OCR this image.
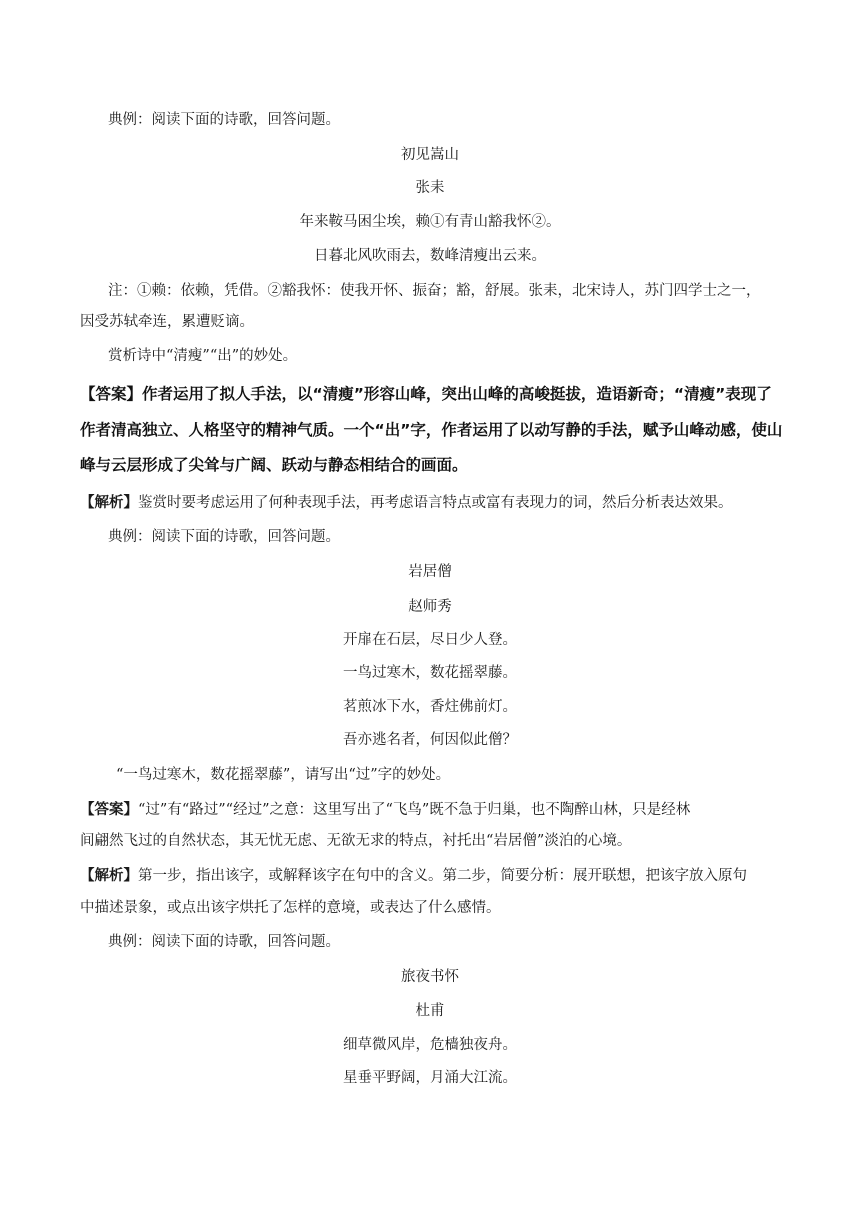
典例：阅读下面的诗歌，回答问题。
初见嵩山
张耒
年来鞍马困尘埃，赖①有青山豁我怀②。
日暮北风吹雨去，数峰清瘦出云来。
注：①赖：依赖，凭借。②豁我怀：使我开怀、振奋；豁，舒展。张耒，北宋诗人，苏门四学士之一，
因受苏轼牵连，累遭贬谪。
赏析诗中“清瘦”“出”的妙处。
【答案】作者运用了拟人手法，以“清瘦”形容山峰，突出山峰的高峻挺拔，造语新奇；“清瘦”表现了
作者清高独立、人格坚守的精神气质。一个“出”字，作者运用了以动写静的手法，赋予山峰动感，使山
峰与云层形成了尖耸与广阔、跃动与静态相结合的画面。
【解析】鉴赏时要考虑运用了何种表现手法，再考虑语言特点或富有表现力的词，然后分析表达效果。
典例：阅读下面的诗歌，回答问题。
岩居僧
赵师秀
开扉在石层，尽日少人登。
一鸟过寒木，数花摇翠藤。
茗煎冰下水，香炷佛前灯。
吾亦逃名者，何因似此僧？
“一鸟过寒木，数花摇翠藤”，请写出“过”字的妙处。
【答案】“过”有“路过”“经过”之意：这里写出了“飞鸟”既不急于归巢，也不陶醉山林，只是经林
间翩然飞过的自然状态，其无忧无虑、无欲无求的特点，衬托出“岩居僧”淡泊的心境。
【解析】第一步，指出该字，或解释该字在句中的含义。第二步，简要分析：展开联想，把该字放入原句
中描述景象，或点出该字烘托了怎样的意境，或表达了什么感情。
典例：阅读下面的诗歌，回答问题。
旅夜书怀
杜甫
细草微风岸，危樯独夜舟。
星垂平野阔，月涌大江流。
